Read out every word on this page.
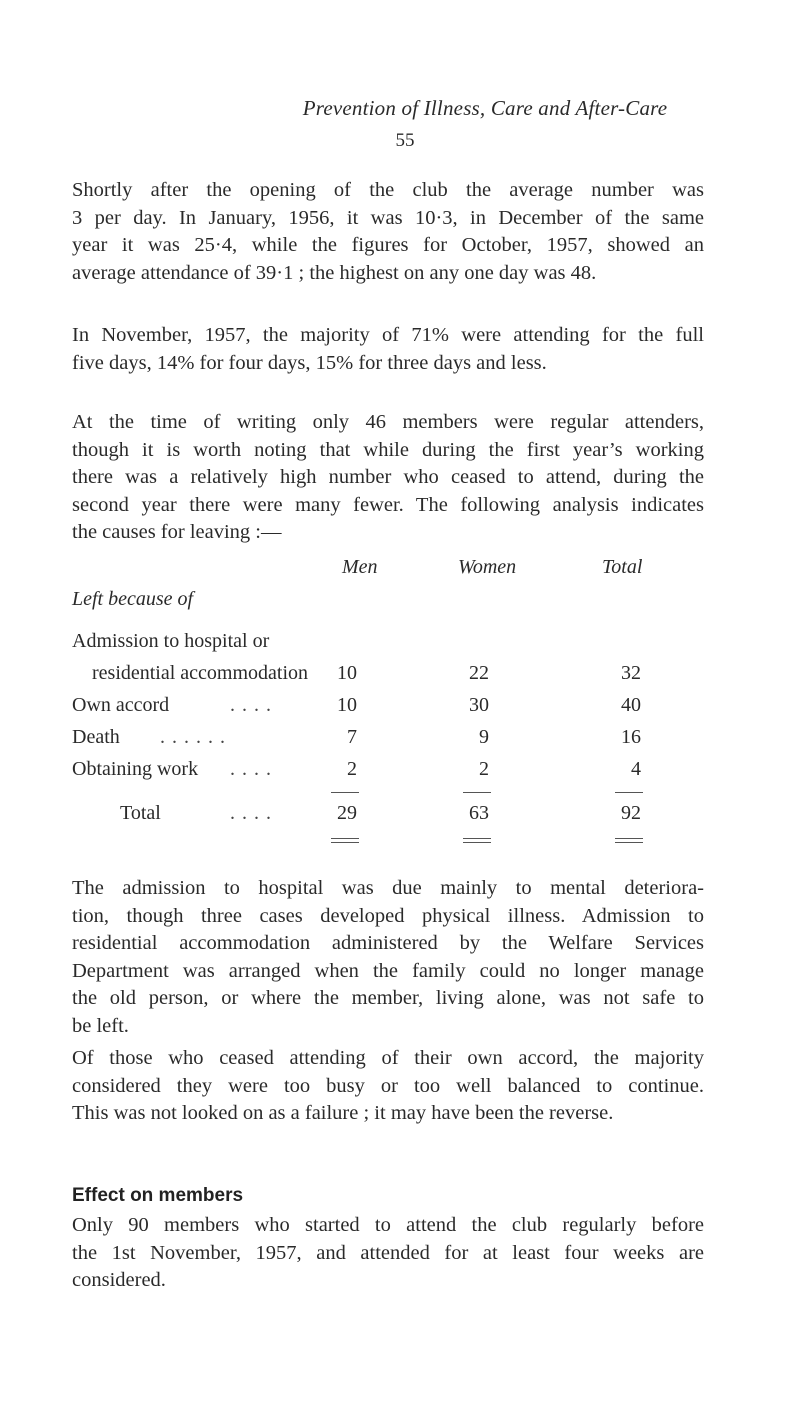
Prevention of Illness, Care and After-Care
55

Shortly after the opening of the club the average number was
3 per day. In January, 1956, it was 10·3, in December of the same
year it was 25·4, while the figures for October, 1957, showed an
average attendance of 39·1 ; the highest on any one day was 48.

In November, 1957, the majority of 71% were attending for the full
five days, 14% for four days, 15% for three days and less.

At the time of writing only 46 members were regular attenders,
though it is worth noting that while during the first year’s working
there was a relatively high number who ceased to attend, during the
second year there were many fewer. The following analysis indicates
the causes for leaving :—

Men	Women	Total
Left because of
Admission to hospital or
residential accommodation	10	22	32
Own accord	. . . .	10	30	40
Death . . . . . .	7	9	16
Obtaining work . . . .	2	2	4
Total	. . . .	29	63	92

The admission to hospital was due mainly to mental deteriora-
tion, though three cases developed physical illness. Admission to
residential accommodation administered by the Welfare Services
Department was arranged when the family could no longer manage
the old person, or where the member, living alone, was not safe to
be left.

Of those who ceased attending of their own accord, the majority
considered they were too busy or too well balanced to continue.
This was not looked on as a failure ; it may have been the reverse.

Effect on members

Only 90 members who started to attend the club regularly before
the 1st November, 1957, and attended for at least four weeks are
considered.
